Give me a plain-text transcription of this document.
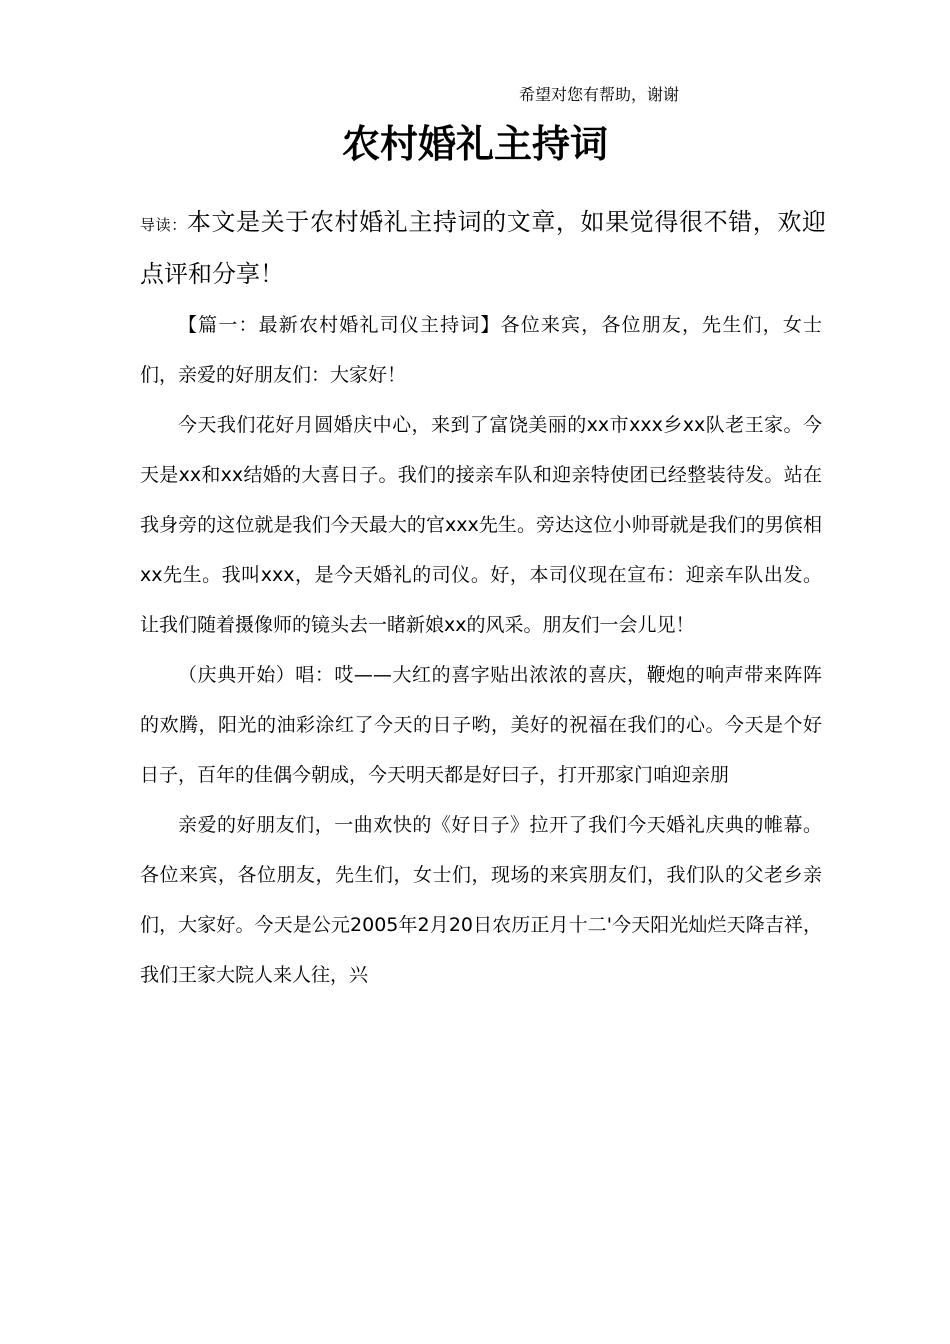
希望对您有帮助，谢谢
农村婚礼主持词

导读：本文是关于农村婚礼主持词的文章，如果觉得很不错，欢迎点评和分享！

【篇一：最新农村婚礼司仪主持词】各位来宾，各位朋友，先生们，女士们，亲爱的好朋友们：大家好！

今天我们花好月圆婚庆中心，来到了富饶美丽的xx市xxx乡xx队老王家。今天是xx和xx结婚的大喜日子。我们的接亲车队和迎亲特使团已经整装待发。站在我身旁的这位就是我们今天最大的官xxx先生。旁达这位小帅哥就是我们的男傧相xx先生。我叫xxx，是今天婚礼的司仪。好，本司仪现在宣布：迎亲车队出发。让我们随着摄像师的镜头去一睹新娘xx的风采。朋友们一会儿见！

（庆典开始）唱：哎——大红的喜字贴出浓浓的喜庆，鞭炮的响声带来阵阵的欢腾，阳光的油彩涂红了今天的日子哟，美好的祝福在我们的心。今天是个好日子，百年的佳偶今朝成，今天明天都是好曰子，打开那家门咱迎亲朋

亲爱的好朋友们，一曲欢快的《好日子》拉开了我们今天婚礼庆典的帷幕。各位来宾，各位朋友，先生们，女士们，现场的来宾朋友们，我们队的父老乡亲们，大家好。今天是公元2005年2月20日农历正月十二'今天阳光灿烂天降吉祥，我们王家大院人来人往，兴
